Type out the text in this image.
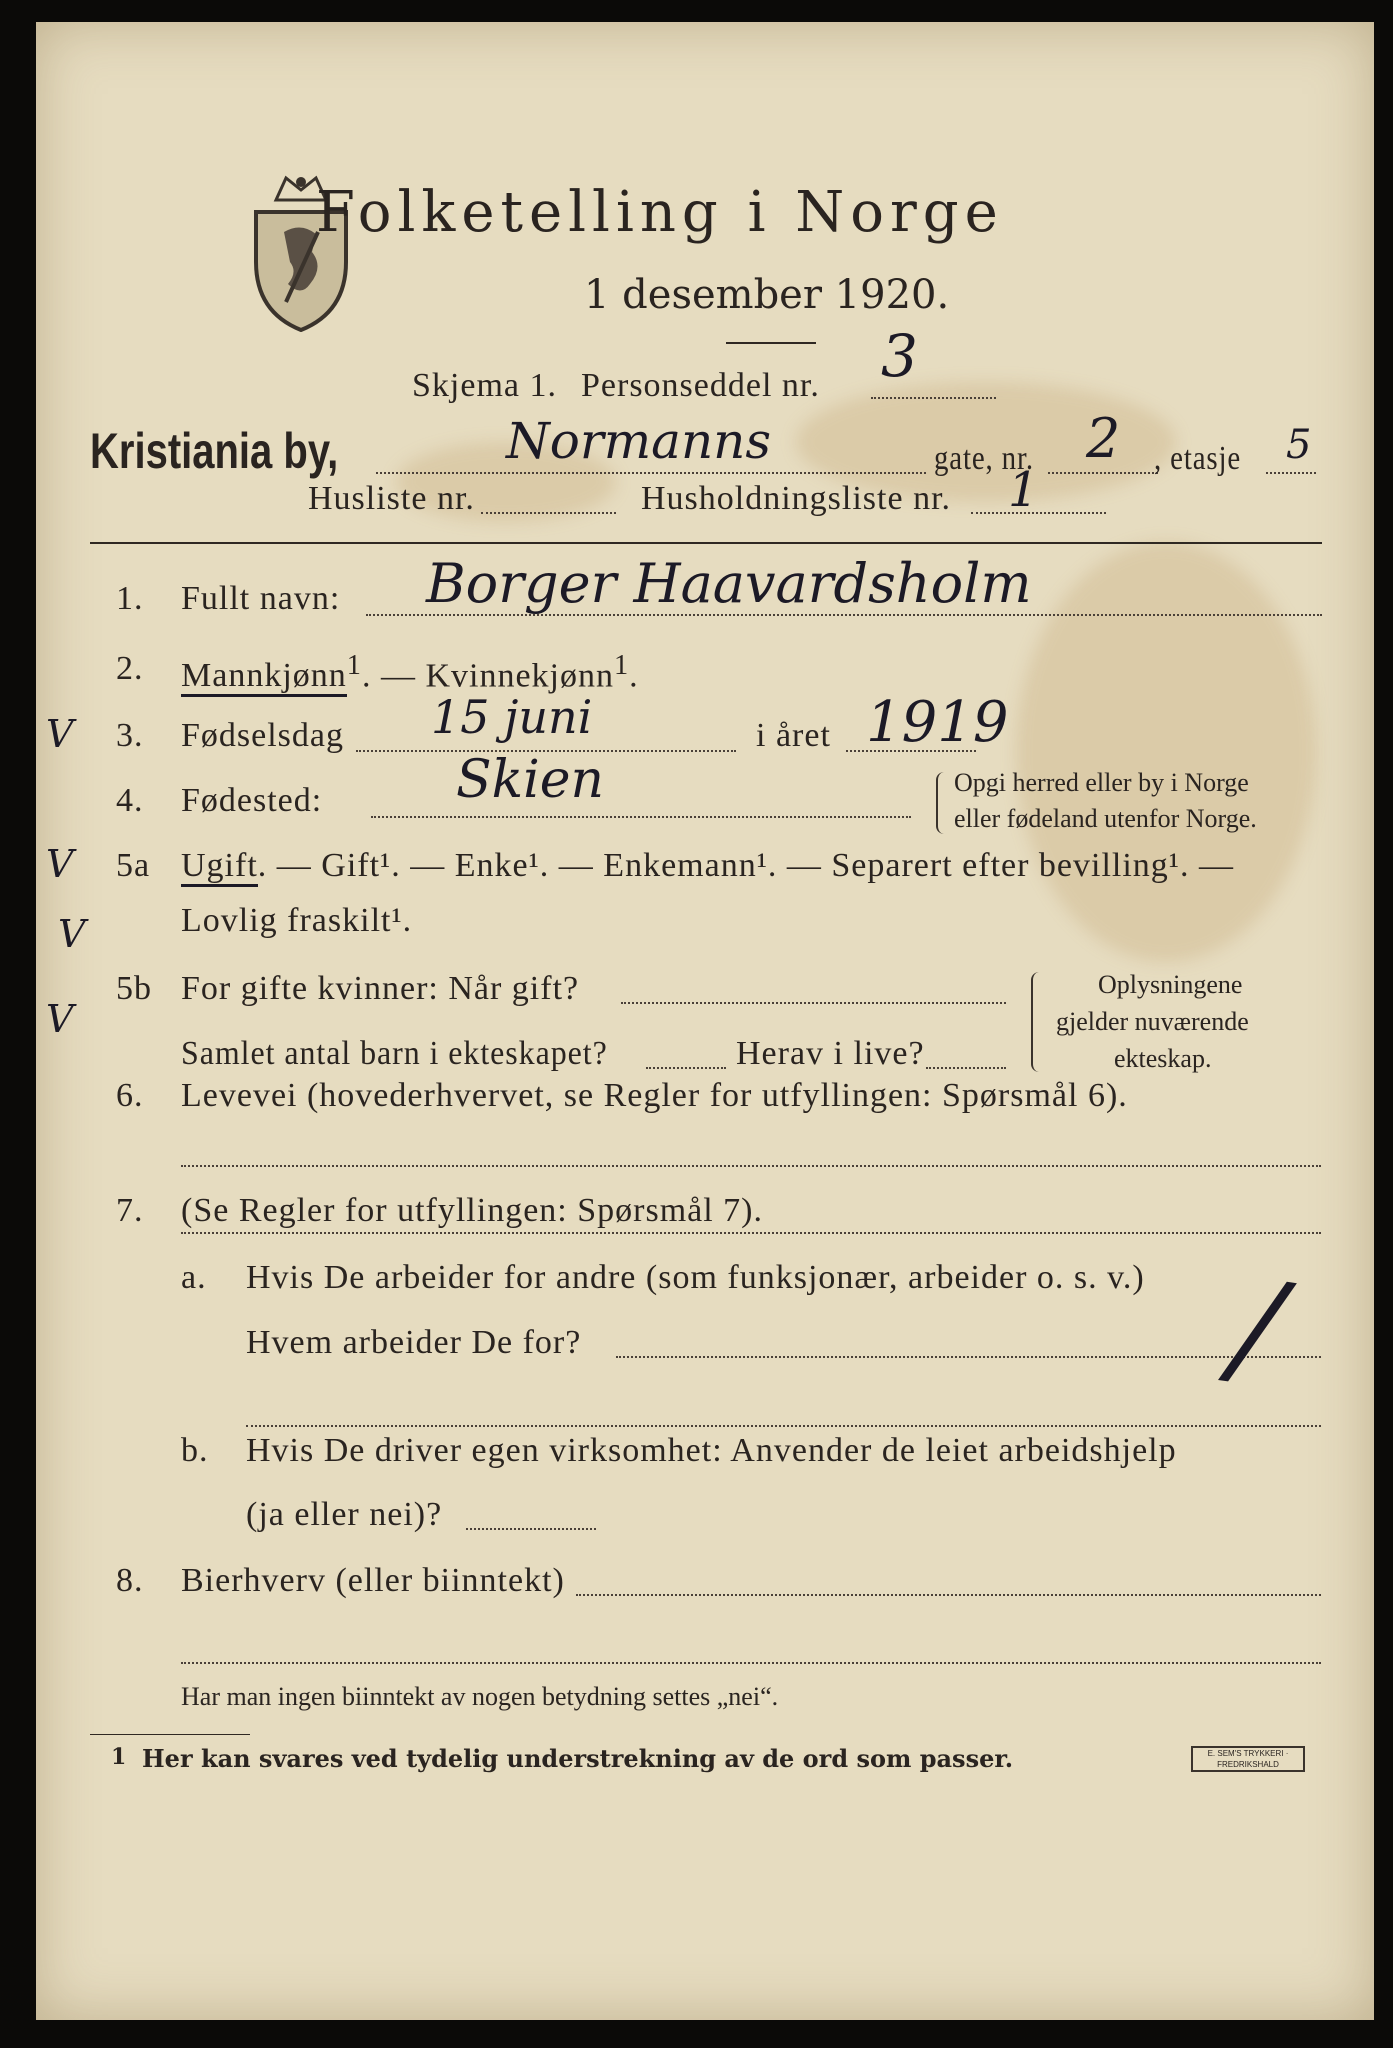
Folketelling i Norge
1 desember 1920.
Skjema 1. Personseddel nr. 3
Kristiania by,	Normanns	gate, nr. 2 , etasje 5
Husliste nr.	Husholdningsliste nr. 1
V
V
V
V
1. Fullt navn: Borger Haavardsholm
2. Mannkjønn$^1$. — Kvinnekjønn$^1$.
3. Fødselsdag 15 juni	i året 1919
4. Fødested:	Skien	Opgi herred eller by i Norge
eller fødeland utenfor Norge.
5a Ugift. — Gift¹. — Enke¹. — Enkemann¹. — Separert efter bevilling¹. —
Lovlig fraskilt¹.
5b For gifte kvinner: Når gift?
Samlet antal barn i ekteskapet?	Herav i live?
Oplysningene
gjelder nuværende
ekteskap.
6. Levevei (hovederhvervet, se Regler for utfyllingen: Spørsmål 6).
7. (Se Regler for utfyllingen: Spørsmål 7).
a. Hvis De arbeider for andre (som funksjonær, arbeider o. s. v.)
Hvem arbeider De for?	/
b. Hvis De driver egen virksomhet: Anvender de leiet arbeidshjelp
(ja eller nei)?
8. Bierhverv (eller biinntekt)
Har man ingen biinntekt av nogen betydning settes „nei“.
1 Her kan svares ved tydelig understrekning av de ord som passer.	E. SEM'S TRYKKERI · FREDRIKSHALD
